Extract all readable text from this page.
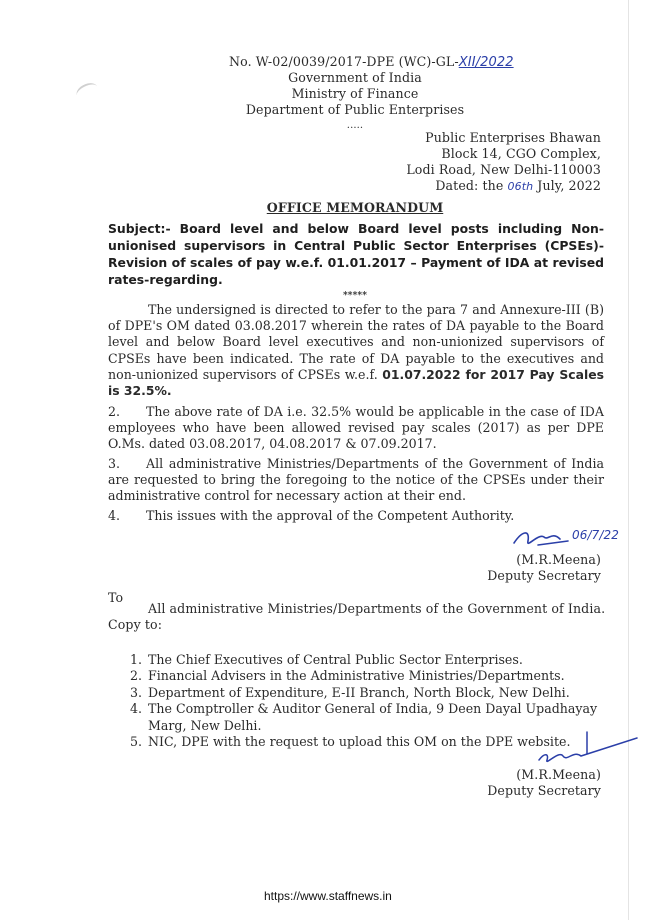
No. W-02/0039/2017-DPE (WC)-GL-XII/2022
Government of India
Ministry of Finance
Department of Public Enterprises
.....
Public Enterprises Bhawan
Block 14, CGO Complex,
Lodi Road, New Delhi-110003
Dated: the 06th July, 2022
OFFICE MEMORANDUM
Subject:- Board level and below Board level posts including Non-unionised supervisors in Central Public Sector Enterprises (CPSEs)- Revision of scales of pay w.e.f. 01.01.2017 – Payment of IDA at revised rates-regarding.
*****
The undersigned is directed to refer to the para 7 and Annexure-III (B) of DPE's OM dated 03.08.2017 wherein the rates of DA payable to the Board level and below Board level executives and non-unionized supervisors of CPSEs have been indicated. The rate of DA payable to the executives and non-unionized supervisors of CPSEs w.e.f. 01.07.2022 for 2017 Pay Scales is 32.5%.
2. The above rate of DA i.e. 32.5% would be applicable in the case of IDA employees who have been allowed revised pay scales (2017) as per DPE O.Ms. dated 03.08.2017, 04.08.2017 & 07.09.2017.
3. All administrative Ministries/Departments of the Government of India are requested to bring the foregoing to the notice of the CPSEs under their administrative control for necessary action at their end.
4. This issues with the approval of the Competent Authority.
06/7/22
(M.R.Meena)
Deputy Secretary
To
All administrative Ministries/Departments of the Government of India.
Copy to:
1. The Chief Executives of Central Public Sector Enterprises.
2. Financial Advisers in the Administrative Ministries/Departments.
3. Department of Expenditure, E-II Branch, North Block, New Delhi.
4. The Comptroller & Auditor General of India, 9 Deen Dayal Upadhayay Marg, New Delhi.
5. NIC, DPE with the request to upload this OM on the DPE website.
(M.R.Meena)
Deputy Secretary
https://www.staffnews.in
